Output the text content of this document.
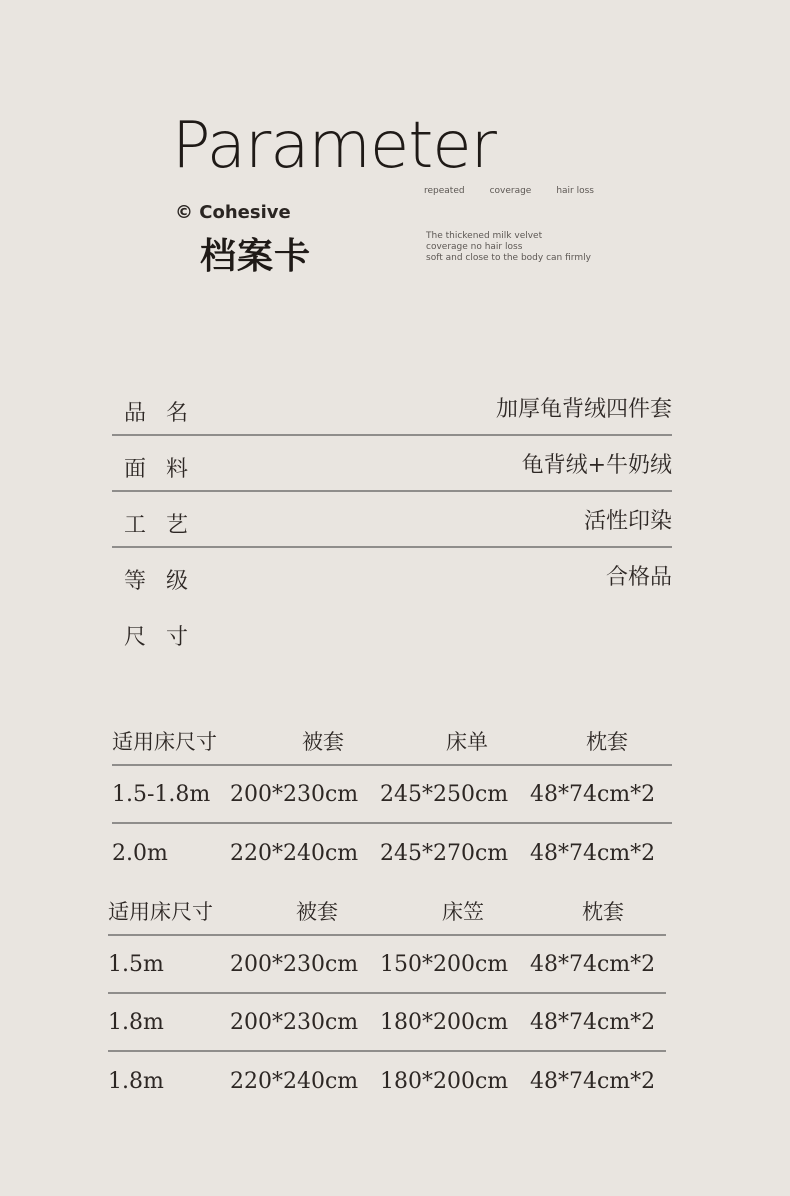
Parameter
repeated	coverage	hair loss
© Cohesive
档案卡	The thickened milk velvet
coverage no hair loss
soft and close to the body can firmly
品名	加厚龟背绒四件套
面料	龟背绒+牛奶绒
工艺	活性印染
等级	合格品
尺寸
适用床尺寸	被套	床单	枕套
1.5-1.8m 200*230cm 245*250cm 48*74cm*2
2.0m	220*240cm 245*270cm 48*74cm*2
适用床尺寸	被套	床笠	枕套
1.5m	200*230cm 150*200cm 48*74cm*2
1.8m	200*230cm 180*200cm 48*74cm*2
1.8m	220*240cm 180*200cm 48*74cm*2
